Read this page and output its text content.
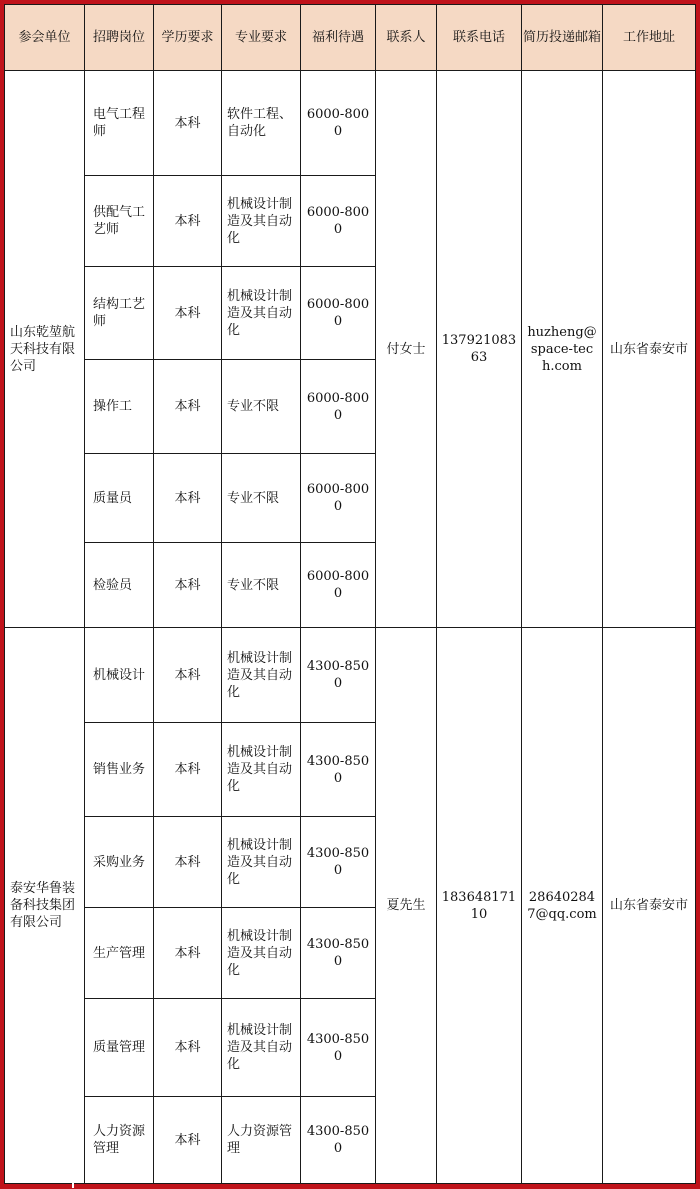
参会单位	招聘岗位	学历要求	专业要求	福利待遇	联系人	联系电话	简历投递邮箱	工作地址
山东乾堃航天科技有限公司	电气工程师	本科	软件工程、自动化	6000-8000	付女士	13792108363	huzheng@space-tech.com	山东省泰安市
	供配气工艺师	本科	机械设计制造及其自动化	6000-8000				
	结构工艺师	本科	机械设计制造及其自动化	6000-8000				
	操作工	本科	专业不限	6000-8000				
	质量员	本科	专业不限	6000-8000				
	检验员	本科	专业不限	6000-8000				
泰安华鲁装备科技集团有限公司	机械设计	本科	机械设计制造及其自动化	4300-8500	夏先生	18364817110	286402847@qq.com	山东省泰安市
	销售业务	本科	机械设计制造及其自动化	4300-8500				
	采购业务	本科	机械设计制造及其自动化	4300-8500				
	生产管理	本科	机械设计制造及其自动化	4300-8500				
	质量管理	本科	机械设计制造及其自动化	4300-8500				
	人力资源管理	本科	人力资源管理	4300-8500				
